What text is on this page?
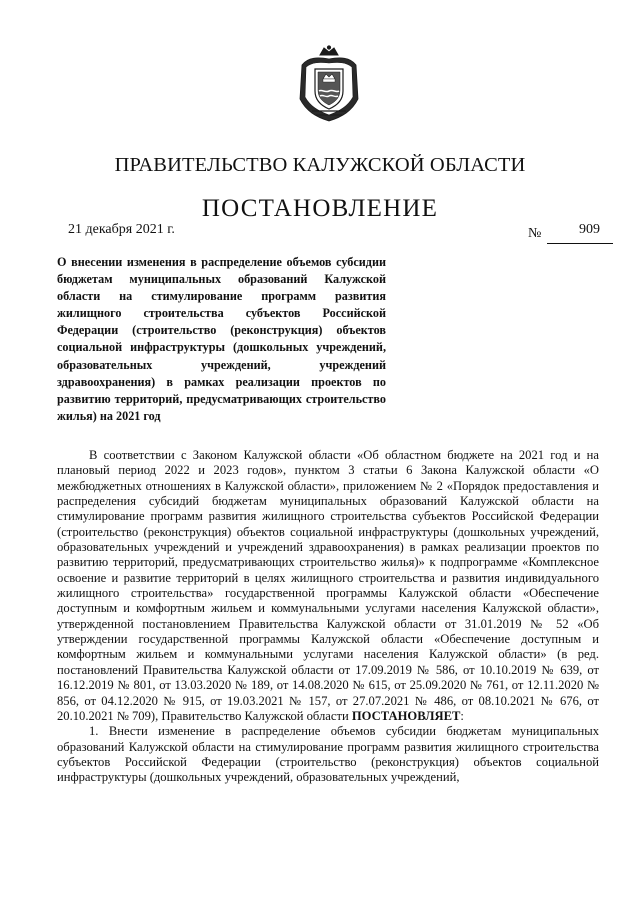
ПРАВИТЕЛЬСТВО КАЛУЖСКОЙ ОБЛАСТИ
ПОСТАНОВЛЕНИЕ
21 декабря 2021 г.	№	909
О внесении изменения в распределение объемов субсидии бюджетам муниципальных образований Калужской области на стимулирование программ развития жилищного строительства субъектов Российской Федерации (строительство (реконструкция) объектов социальной инфраструктуры (дошкольных учреждений, образовательных учреждений, учреждений здравоохранения) в рамках реализации проектов по развитию территорий, предусматривающих строительство жилья) на 2021 год

В соответствии с Законом Калужской области «Об областном бюджете на 2021 год и на плановый период 2022 и 2023 годов», пунктом 3 статьи 6 Закона Калужской области «О межбюджетных отношениях в Калужской области», приложением № 2 «Порядок предоставления и распределения субсидий бюджетам муниципальных образований Калужской области на стимулирование программ развития жилищного строительства субъектов Российской Федерации (строительство (реконструкция) объектов социальной инфраструктуры (дошкольных учреждений, образовательных учреждений и учреждений здравоохранения) в рамках реализации проектов по развитию территорий, предусматривающих строительство жилья)» к подпрограмме «Комплексное освоение и развитие территорий в целях жилищного строительства и развития индивидуального жилищного строительства» государственной программы Калужской области «Обеспечение доступным и комфортным жильем и коммунальными услугами населения Калужской области», утвержденной постановлением Правительства Калужской области от 31.01.2019 № 52 «Об утверждении государственной программы Калужской области «Обеспечение доступным и комфортным жильем и коммунальными услугами населения Калужской области» (в ред. постановлений Правительства Калужской области от 17.09.2019 № 586, от 10.10.2019 № 639, от 16.12.2019 № 801, от 13.03.2020 № 189, от 14.08.2020 № 615, от 25.09.2020 № 761, от 12.11.2020 № 856, от 04.12.2020 № 915, от 19.03.2021 № 157, от 27.07.2021 № 486, от 08.10.2021 № 676, от 20.10.2021 № 709), Правительство Калужской области ПОСТАНОВЛЯЕТ:

1. Внести изменение в распределение объемов субсидии бюджетам муниципальных образований Калужской области на стимулирование программ развития жилищного строительства субъектов Российской Федерации (строительство (реконструкция) объектов социальной инфраструктуры (дошкольных учреждений, образовательных учреждений,
